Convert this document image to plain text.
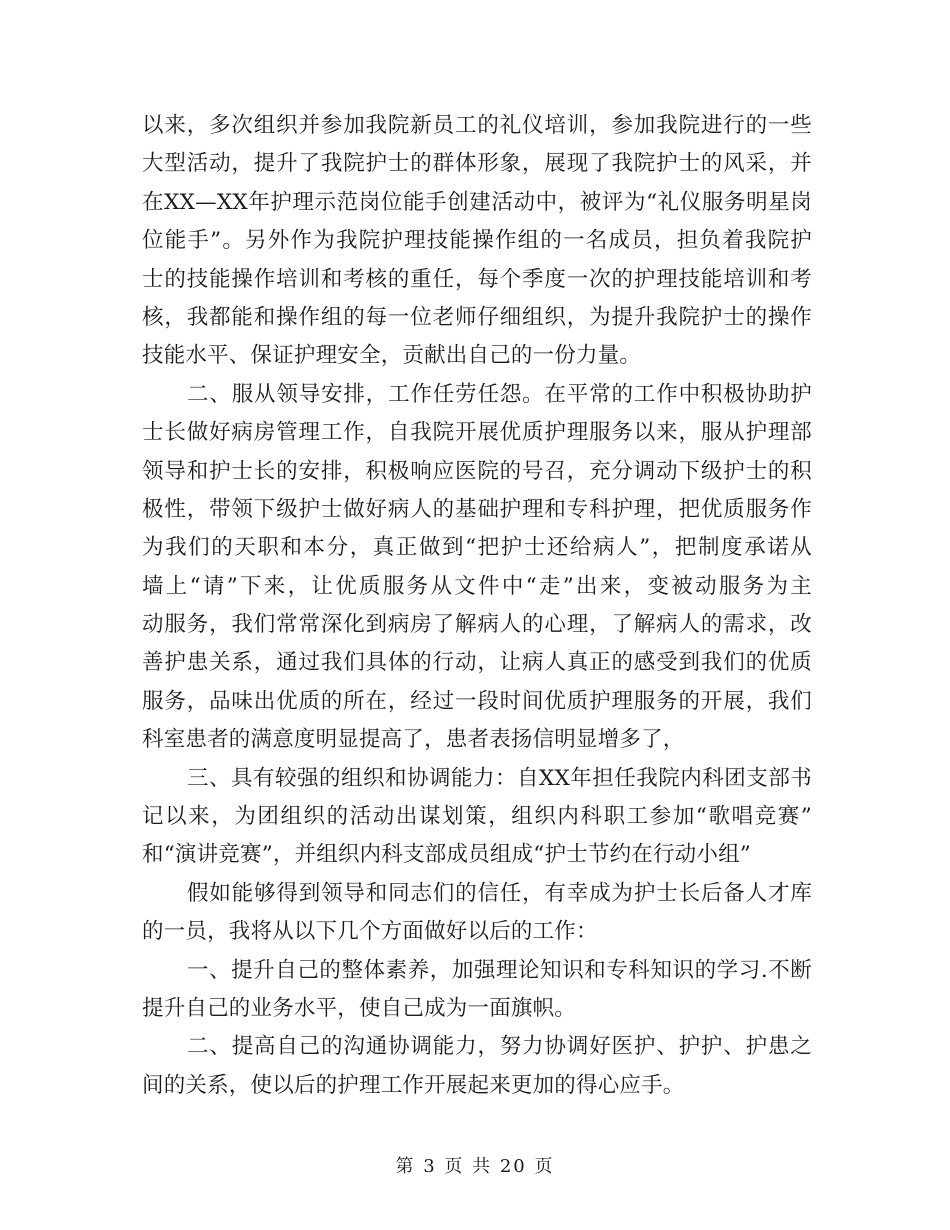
以来，多次组织并参加我院新员工的礼仪培训，参加我院进行的一些
大型活动，提升了我院护士的群体形象，展现了我院护士的风采，并
在XX—XX年护理示范岗位能手创建活动中，被评为“礼仪服务明星岗
位能手”。另外作为我院护理技能操作组的一名成员，担负着我院护
士的技能操作培训和考核的重任，每个季度一次的护理技能培训和考
核，我都能和操作组的每一位老师仔细组织，为提升我院护士的操作
技能水平、保证护理安全，贡献出自己的一份力量。
二、服从领导安排，工作任劳任怨。在平常的工作中积极协助护
士长做好病房管理工作，自我院开展优质护理服务以来，服从护理部
领导和护士长的安排，积极响应医院的号召，充分调动下级护士的积
极性，带领下级护士做好病人的基础护理和专科护理，把优质服务作
为我们的天职和本分，真正做到“把护士还给病人”，把制度承诺从
墙上“请”下来，让优质服务从文件中“走”出来，变被动服务为主
动服务，我们常常深化到病房了解病人的心理，了解病人的需求，改
善护患关系，通过我们具体的行动，让病人真正的感受到我们的优质
服务，品味出优质的所在，经过一段时间优质护理服务的开展，我们
科室患者的满意度明显提高了，患者表扬信明显增多了，
三、具有较强的组织和协调能力：自XX年担任我院内科团支部书
记以来，为团组织的活动出谋划策，组织内科职工参加“歌唱竞赛”
和“演讲竞赛”，并组织内科支部成员组成“护士节约在行动小组”
假如能够得到领导和同志们的信任，有幸成为护士长后备人才库
的一员，我将从以下几个方面做好以后的工作：
一、提升自己的整体素养，加强理论知识和专科知识的学习.不断
提升自己的业务水平，使自己成为一面旗帜。
二、提高自己的沟通协调能力，努力协调好医护、护护、护患之
间的关系，使以后的护理工作开展起来更加的得心应手。
第 3 页 共 20 页
